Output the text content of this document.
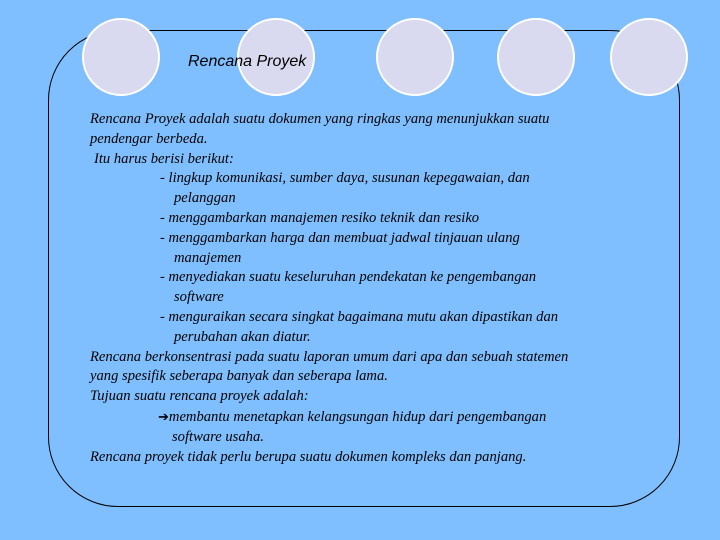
Rencana Proyek
Rencana Proyek adalah suatu dokumen yang ringkas yang menunjukkan suatu
pendengar berbeda.
Itu harus berisi berikut:
- lingkup komunikasi, sumber daya, susunan kepegawaian, dan
pelanggan
- menggambarkan manajemen resiko teknik dan resiko
- menggambarkan harga dan membuat jadwal tinjauan ulang
manajemen
- menyediakan suatu keseluruhan pendekatan ke pengembangan
software
- menguraikan secara singkat bagaimana mutu akan dipastikan dan
perubahan akan diatur.
Rencana berkonsentrasi pada suatu laporan umum dari apa dan sebuah statemen
yang spesifik seberapa banyak dan seberapa lama.
Tujuan suatu rencana proyek adalah:
➔membantu menetapkan kelangsungan hidup dari pengembangan
software usaha.
Rencana proyek tidak perlu berupa suatu dokumen kompleks dan panjang.
